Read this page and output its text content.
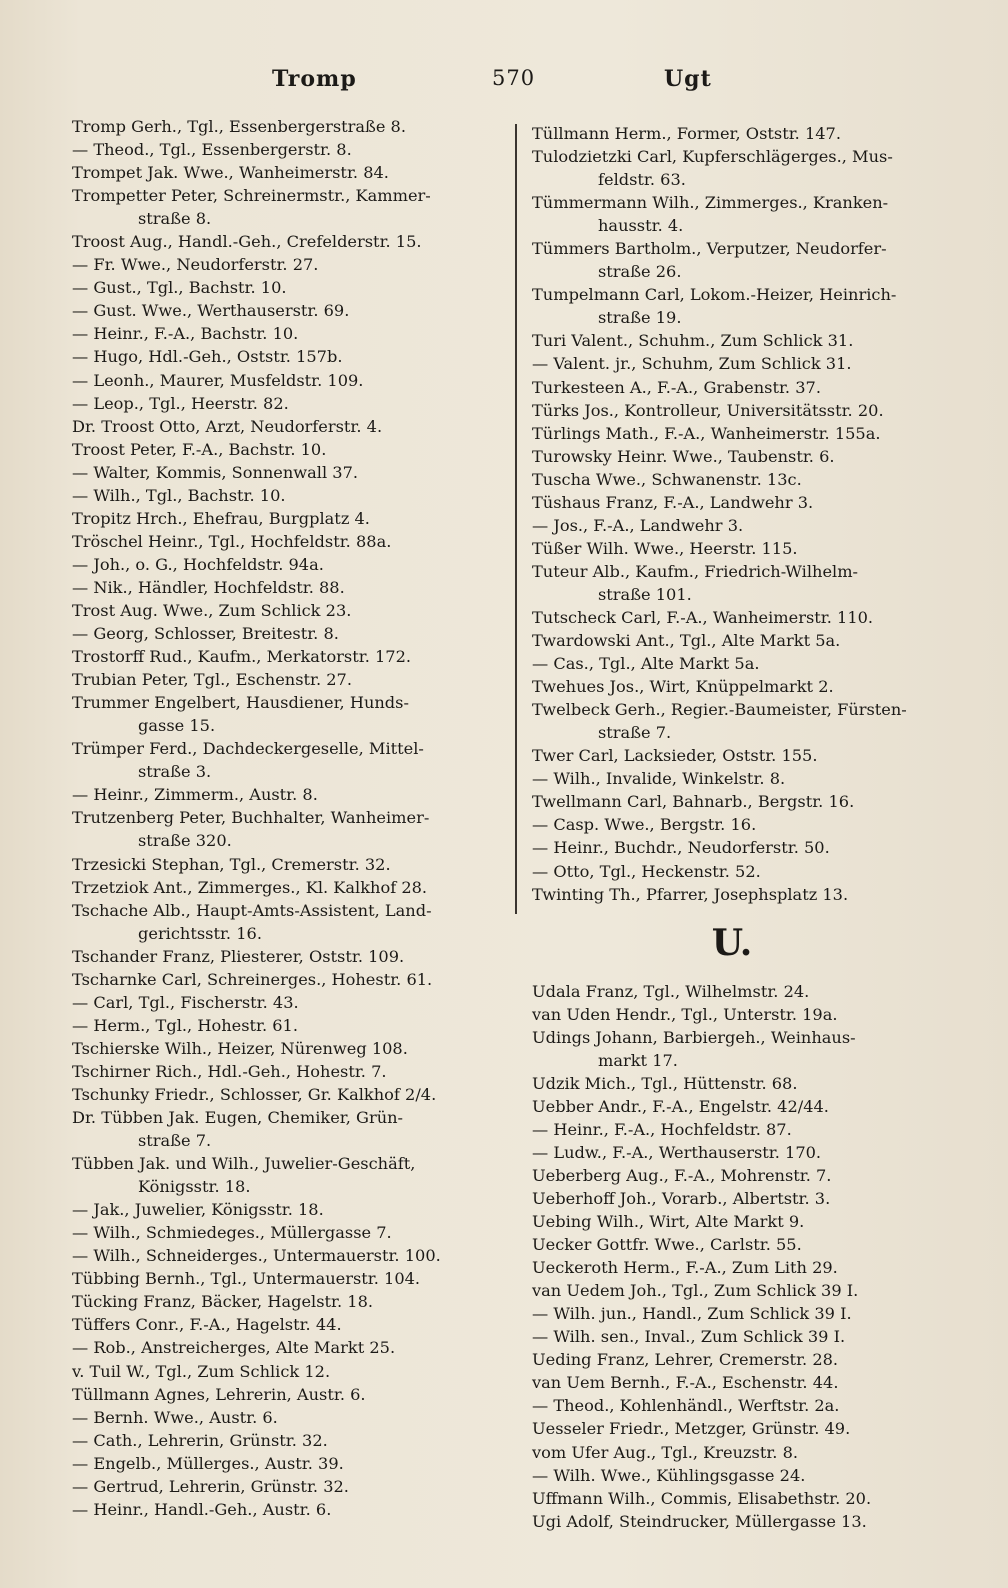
Tromp	570	Ugt
Tromp Gerh., Tgl., Essenbergerstraße 8.
— Theod., Tgl., Essenbergerstr. 8.
Trompet Jak. Wwe., Wanheimerstr. 84.
Trompetter Peter, Schreinermstr., Kammer-
straße 8.
Troost Aug., Handl.-Geh., Crefelderstr. 15.
— Fr. Wwe., Neudorferstr. 27.
— Gust., Tgl., Bachstr. 10.
— Gust. Wwe., Werthauserstr. 69.
— Heinr., F.-A., Bachstr. 10.
— Hugo, Hdl.-Geh., Oststr. 157b.
— Leonh., Maurer, Musfeldstr. 109.
— Leop., Tgl., Heerstr. 82.
Dr. Troost Otto, Arzt, Neudorferstr. 4.
Troost Peter, F.-A., Bachstr. 10.
— Walter, Kommis, Sonnenwall 37.
— Wilh., Tgl., Bachstr. 10.
Tropitz Hrch., Ehefrau, Burgplatz 4.
Tröschel Heinr., Tgl., Hochfeldstr. 88a.
— Joh., o. G., Hochfeldstr. 94a.
— Nik., Händler, Hochfeldstr. 88.
Trost Aug. Wwe., Zum Schlick 23.
— Georg, Schlosser, Breitestr. 8.
Trostorff Rud., Kaufm., Merkatorstr. 172.
Trubian Peter, Tgl., Eschenstr. 27.
Trummer Engelbert, Hausdiener, Hunds-
gasse 15.
Trümper Ferd., Dachdeckergeselle, Mittel-
straße 3.
— Heinr., Zimmerm., Austr. 8.
Trutzenberg Peter, Buchhalter, Wanheimer-
straße 320.
Trzesicki Stephan, Tgl., Cremerstr. 32.
Trzetziok Ant., Zimmerges., Kl. Kalkhof 28.
Tschache Alb., Haupt-Amts-Assistent, Land-
gerichtsstr. 16.
Tschander Franz, Pliesterer, Oststr. 109.
Tscharnke Carl, Schreinerges., Hohestr. 61.
— Carl, Tgl., Fischerstr. 43.
— Herm., Tgl., Hohestr. 61.
Tschierske Wilh., Heizer, Nürenweg 108.
Tschirner Rich., Hdl.-Geh., Hohestr. 7.
Tschunky Friedr., Schlosser, Gr. Kalkhof 2/4.
Dr. Tübben Jak. Eugen, Chemiker, Grün-
straße 7.
Tübben Jak. und Wilh., Juwelier-Geschäft,
Königsstr. 18.
— Jak., Juwelier, Königsstr. 18.
— Wilh., Schmiedeges., Müllergasse 7.
— Wilh., Schneiderges., Untermauerstr. 100.
Tübbing Bernh., Tgl., Untermauerstr. 104.
Tücking Franz, Bäcker, Hagelstr. 18.
Tüffers Conr., F.-A., Hagelstr. 44.
— Rob., Anstreicherges, Alte Markt 25.
v. Tuil W., Tgl., Zum Schlick 12.
Tüllmann Agnes, Lehrerin, Austr. 6.
— Bernh. Wwe., Austr. 6.
— Cath., Lehrerin, Grünstr. 32.
— Engelb., Müllerges., Austr. 39.
— Gertrud, Lehrerin, Grünstr. 32.
— Heinr., Handl.-Geh., Austr. 6.
Tüllmann Herm., Former, Oststr. 147.
Tulodzietzki Carl, Kupferschlägerges., Mus-
feldstr. 63.
Tümmermann Wilh., Zimmerges., Kranken-
hausstr. 4.
Tümmers Bartholm., Verputzer, Neudorfer-
straße 26.
Tumpelmann Carl, Lokom.-Heizer, Heinrich-
straße 19.
Turi Valent., Schuhm., Zum Schlick 31.
— Valent. jr., Schuhm, Zum Schlick 31.
Turkesteen A., F.-A., Grabenstr. 37.
Türks Jos., Kontrolleur, Universitätsstr. 20.
Türlings Math., F.-A., Wanheimerstr. 155a.
Turowsky Heinr. Wwe., Taubenstr. 6.
Tuscha Wwe., Schwanenstr. 13c.
Tüshaus Franz, F.-A., Landwehr 3.
— Jos., F.-A., Landwehr 3.
Tüßer Wilh. Wwe., Heerstr. 115.
Tuteur Alb., Kaufm., Friedrich-Wilhelm-
straße 101.
Tutscheck Carl, F.-A., Wanheimerstr. 110.
Twardowski Ant., Tgl., Alte Markt 5a.
— Cas., Tgl., Alte Markt 5a.
Twehues Jos., Wirt, Knüppelmarkt 2.
Twelbeck Gerh., Regier.-Baumeister, Fürsten-
straße 7.
Twer Carl, Lacksieder, Oststr. 155.
— Wilh., Invalide, Winkelstr. 8.
Twellmann Carl, Bahnarb., Bergstr. 16.
— Casp. Wwe., Bergstr. 16.
— Heinr., Buchdr., Neudorferstr. 50.
— Otto, Tgl., Heckenstr. 52.
Twinting Th., Pfarrer, Josephsplatz 13.
U.
Udala Franz, Tgl., Wilhelmstr. 24.
van Uden Hendr., Tgl., Unterstr. 19a.
Udings Johann, Barbiergeh., Weinhaus-
markt 17.
Udzik Mich., Tgl., Hüttenstr. 68.
Uebber Andr., F.-A., Engelstr. 42/44.
— Heinr., F.-A., Hochfeldstr. 87.
— Ludw., F.-A., Werthauserstr. 170.
Ueberberg Aug., F.-A., Mohrenstr. 7.
Ueberhoff Joh., Vorarb., Albertstr. 3.
Uebing Wilh., Wirt, Alte Markt 9.
Uecker Gottfr. Wwe., Carlstr. 55.
Ueckeroth Herm., F.-A., Zum Lith 29.
van Uedem Joh., Tgl., Zum Schlick 39 I.
— Wilh. jun., Handl., Zum Schlick 39 I.
— Wilh. sen., Inval., Zum Schlick 39 I.
Ueding Franz, Lehrer, Cremerstr. 28.
van Uem Bernh., F.-A., Eschenstr. 44.
— Theod., Kohlenhändl., Werftstr. 2a.
Uesseler Friedr., Metzger, Grünstr. 49.
vom Ufer Aug., Tgl., Kreuzstr. 8.
— Wilh. Wwe., Kühlingsgasse 24.
Uffmann Wilh., Commis, Elisabethstr. 20.
Ugi Adolf, Steindrucker, Müllergasse 13.
